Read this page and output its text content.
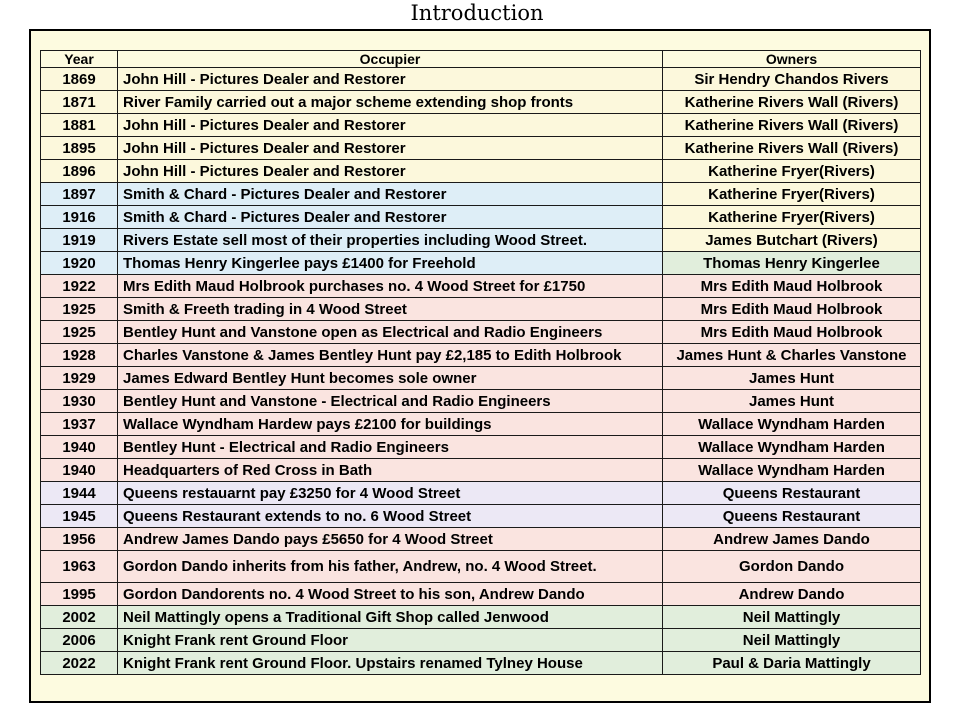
Introduction
Year	Occupier	Owners
1869	John Hill - Pictures Dealer and Restorer	Sir Hendry Chandos Rivers
1871	River Family carried out a major scheme extending shop fronts	Katherine Rivers Wall (Rivers)
1881	John Hill - Pictures Dealer and Restorer	Katherine Rivers Wall (Rivers)
1895	John Hill - Pictures Dealer and Restorer	Katherine Rivers Wall (Rivers)
1896	John Hill - Pictures Dealer and Restorer	Katherine Fryer(Rivers)
1897	Smith & Chard - Pictures Dealer and Restorer	Katherine Fryer(Rivers)
1916	Smith & Chard - Pictures Dealer and Restorer	Katherine Fryer(Rivers)
1919	Rivers Estate sell most of their properties including Wood Street.	James Butchart (Rivers)
1920	Thomas Henry Kingerlee pays £1400 for Freehold	Thomas Henry Kingerlee
1922	Mrs Edith Maud Holbrook purchases no. 4 Wood Street for £1750	Mrs Edith Maud Holbrook
1925	Smith & Freeth trading in 4 Wood Street	Mrs Edith Maud Holbrook
1925	Bentley Hunt and Vanstone open as Electrical and Radio Engineers	Mrs Edith Maud Holbrook
1928	Charles Vanstone & James Bentley Hunt pay £2,185 to Edith Holbrook	James Hunt & Charles Vanstone
1929	James Edward Bentley Hunt becomes sole owner	James Hunt
1930	Bentley Hunt and Vanstone - Electrical and Radio Engineers	James Hunt
1937	Wallace Wyndham Hardew pays £2100 for buildings	Wallace Wyndham Harden
1940	Bentley Hunt - Electrical and Radio Engineers	Wallace Wyndham Harden
1940	Headquarters of Red Cross in Bath	Wallace Wyndham Harden
1944	Queens restauarnt pay £3250 for 4 Wood Street	Queens Restaurant
1945	Queens Restaurant extends to no. 6 Wood Street	Queens Restaurant
1956	Andrew James Dando pays £5650 for 4 Wood Street	Andrew James Dando
1963	Gordon Dando inherits from his father, Andrew, no. 4 Wood Street.	Gordon Dando
1995	Gordon Dandorents no. 4 Wood Street to his son, Andrew Dando	Andrew Dando
2002	Neil Mattingly opens a Traditional Gift Shop called Jenwood	Neil Mattingly
2006	Knight Frank rent Ground Floor	Neil Mattingly
2022	Knight Frank rent Ground Floor. Upstairs renamed Tylney House	Paul & Daria Mattingly
